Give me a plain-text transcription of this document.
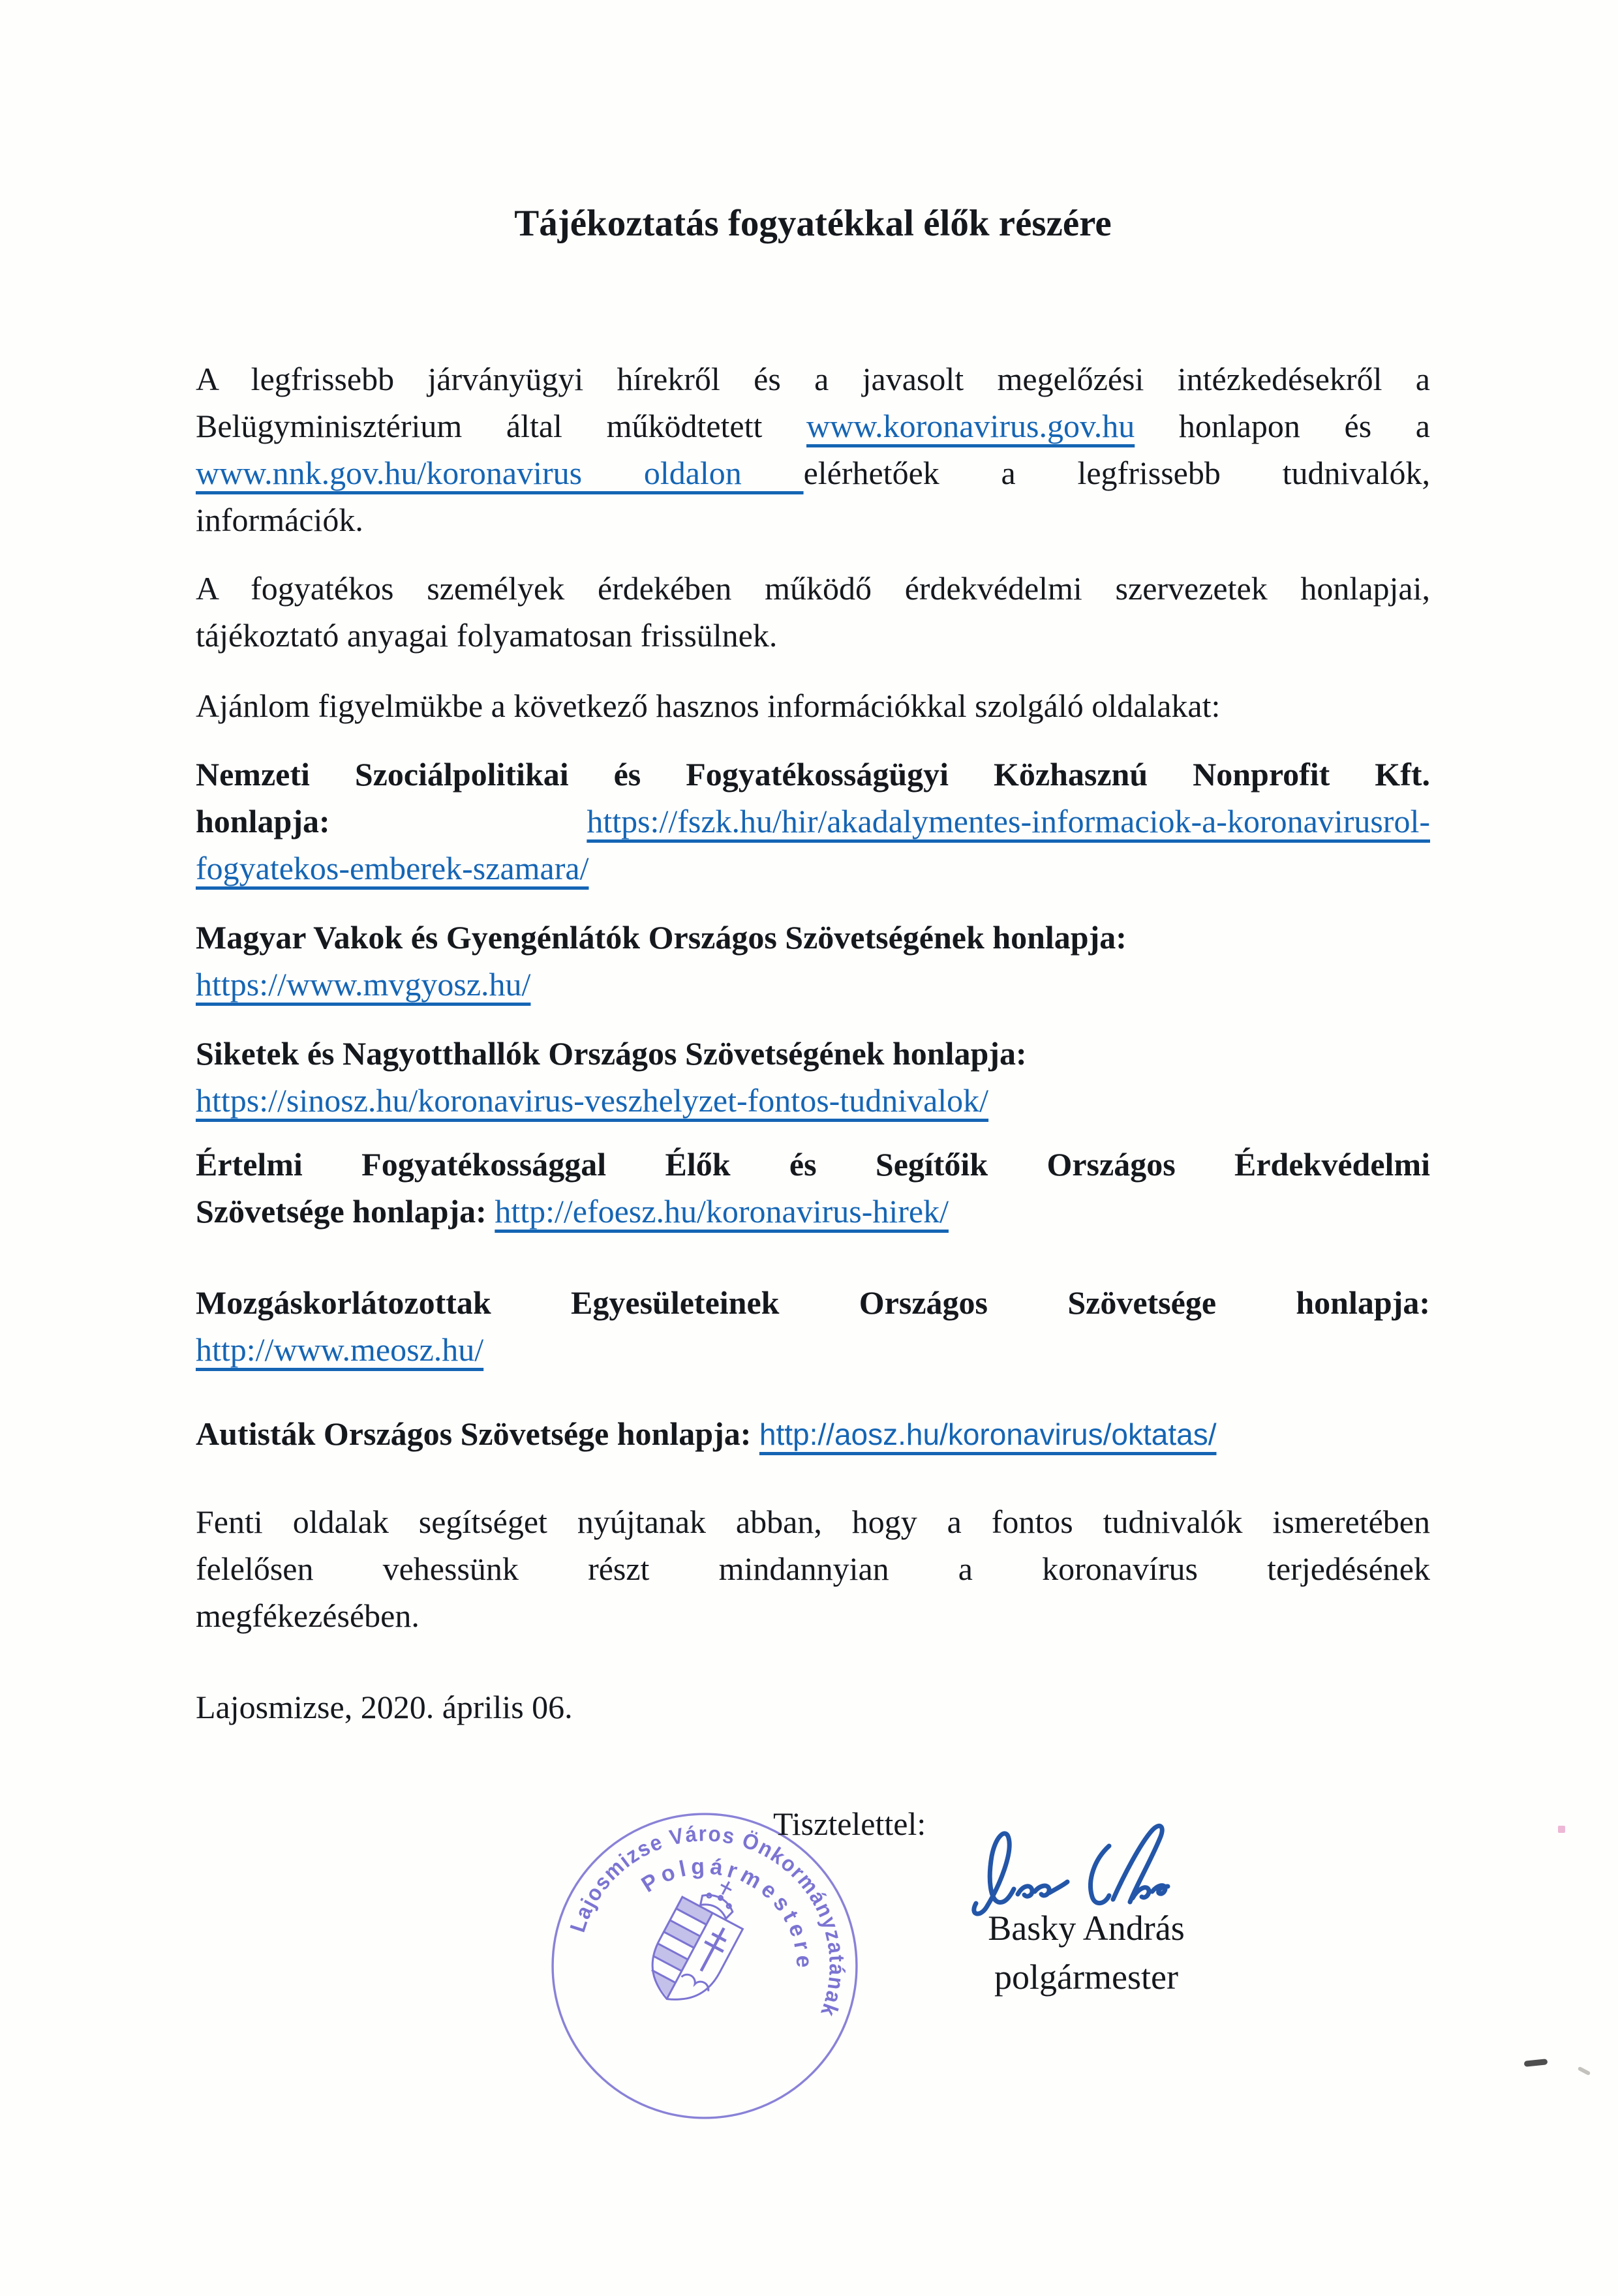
Tájékoztatás fogyatékkal élők részére
A legfrissebb járványügyi hírekről és a javasolt megelőzési intézkedésekről a
Belügyminisztérium által működtetett www.koronavirus.gov.hu honlapon és a
www.nnk.gov.hu/koronavirus oldalon elérhetőek a legfrissebb tudnivalók,
információk.
A fogyatékos személyek érdekében működő érdekvédelmi szervezetek honlapjai,
tájékoztató anyagai folyamatosan frissülnek.
Ajánlom figyelmükbe a következő hasznos információkkal szolgáló oldalakat:
Nemzeti Szociálpolitikai és Fogyatékosságügyi Közhasznú Nonprofit Kft.
honlapja: https://fszk.hu/hir/akadalymentes-informaciok-a-koronavirusrol-
fogyatekos-emberek-szamara/
Magyar Vakok és Gyengénlátók Országos Szövetségének honlapja:
https://www.mvgyosz.hu/
Siketek és Nagyotthallók Országos Szövetségének honlapja:
https://sinosz.hu/koronavirus-veszhelyzet-fontos-tudnivalok/
Értelmi Fogyatékossággal Élők és Segítőik Országos Érdekvédelmi
Szövetsége honlapja: http://efoesz.hu/koronavirus-hirek/
Mozgáskorlátozottak Egyesületeinek Országos Szövetsége honlapja:
http://www.meosz.hu/
Autisták Országos Szövetsége honlapja: http://aosz.hu/koronavirus/oktatas/
Fenti oldalak segítséget nyújtanak abban, hogy a fontos tudnivalók ismeretében
felelősen vehessünk részt mindannyian a koronavírus terjedésének
megfékezésében.
Lajosmizse, 2020. április 06.
Tisztelettel:
Lajosmizse Város Önkormányzatának
Polgármestere
Basky András
polgármester
